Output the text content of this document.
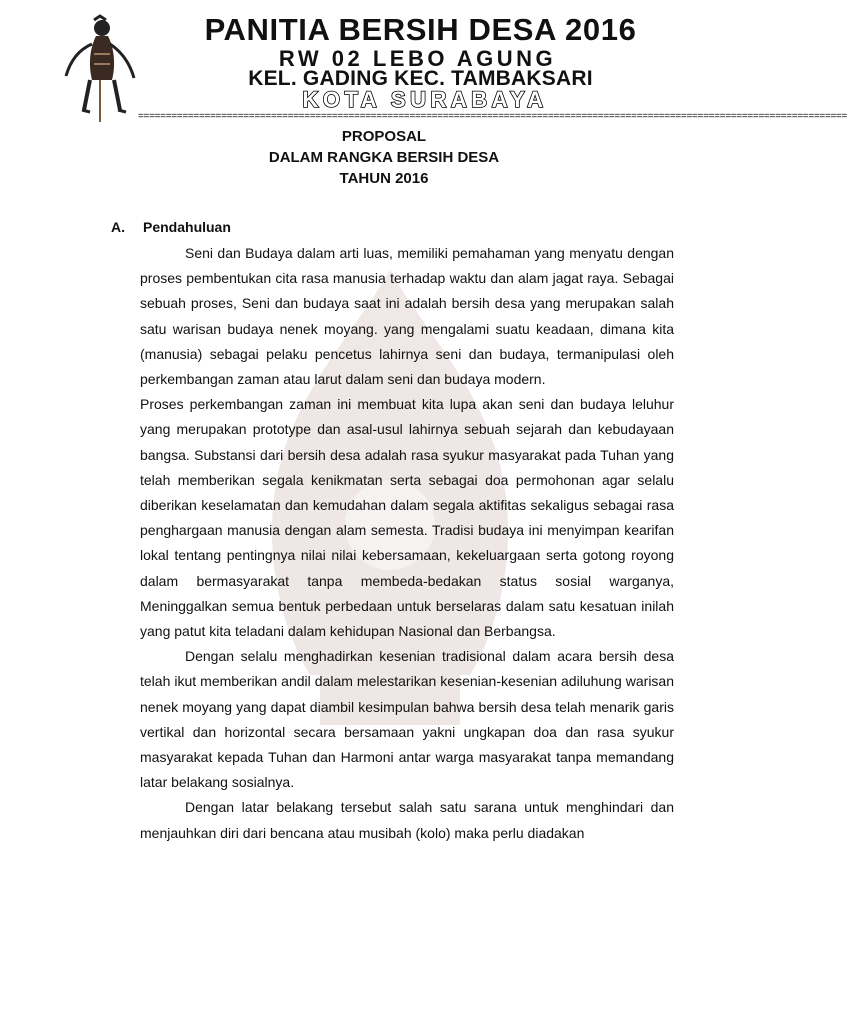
PANITIA BERSIH DESA 2016
RW 02 LEBO AGUNG
KEL. GADING KEC. TAMBAKSARI
KOTA SURABAYA
================================================================================================================================
PROPOSAL
DALAM RANGKA BERSIH DESA
TAHUN 2016
A. Pendahuluan

Seni dan Budaya dalam arti luas, memiliki pemahaman yang menyatu dengan proses pembentukan cita rasa manusia terhadap waktu dan alam jagat raya. Sebagai sebuah proses, Seni dan budaya saat ini adalah bersih desa yang merupakan salah satu warisan budaya nenek moyang. yang mengalami suatu keadaan, dimana kita (manusia) sebagai pelaku pencetus lahirnya seni dan budaya, termanipulasi oleh perkembangan zaman atau larut dalam seni dan budaya modern.

Proses perkembangan zaman ini membuat kita lupa akan seni dan budaya leluhur yang merupakan prototype dan asal-usul lahirnya sebuah sejarah dan kebudayaan bangsa. Substansi dari bersih desa adalah rasa syukur masyarakat pada Tuhan yang telah memberikan segala kenikmatan serta sebagai doa permohonan agar selalu diberikan keselamatan dan kemudahan dalam segala aktifitas sekaligus sebagai rasa penghargaan manusia dengan alam semesta. Tradisi budaya ini menyimpan kearifan lokal tentang pentingnya nilai nilai kebersamaan, kekeluargaan serta gotong royong dalam bermasyarakat tanpa membeda-bedakan status sosial warganya, Meninggalkan semua bentuk perbedaan untuk berselaras dalam satu kesatuan inilah yang patut kita teladani dalam kehidupan Nasional dan Berbangsa.

Dengan selalu menghadirkan kesenian tradisional dalam acara bersih desa telah ikut memberikan andil dalam melestarikan kesenian-kesenian adiluhung warisan nenek moyang yang dapat diambil kesimpulan bahwa bersih desa telah menarik garis vertikal dan horizontal secara bersamaan yakni ungkapan doa dan rasa syukur masyarakat kepada Tuhan dan Harmoni antar warga masyarakat tanpa memandang latar belakang sosialnya.

Dengan latar belakang tersebut salah satu sarana untuk menghindari dan menjauhkan diri dari bencana atau musibah (kolo) maka perlu diadakan
